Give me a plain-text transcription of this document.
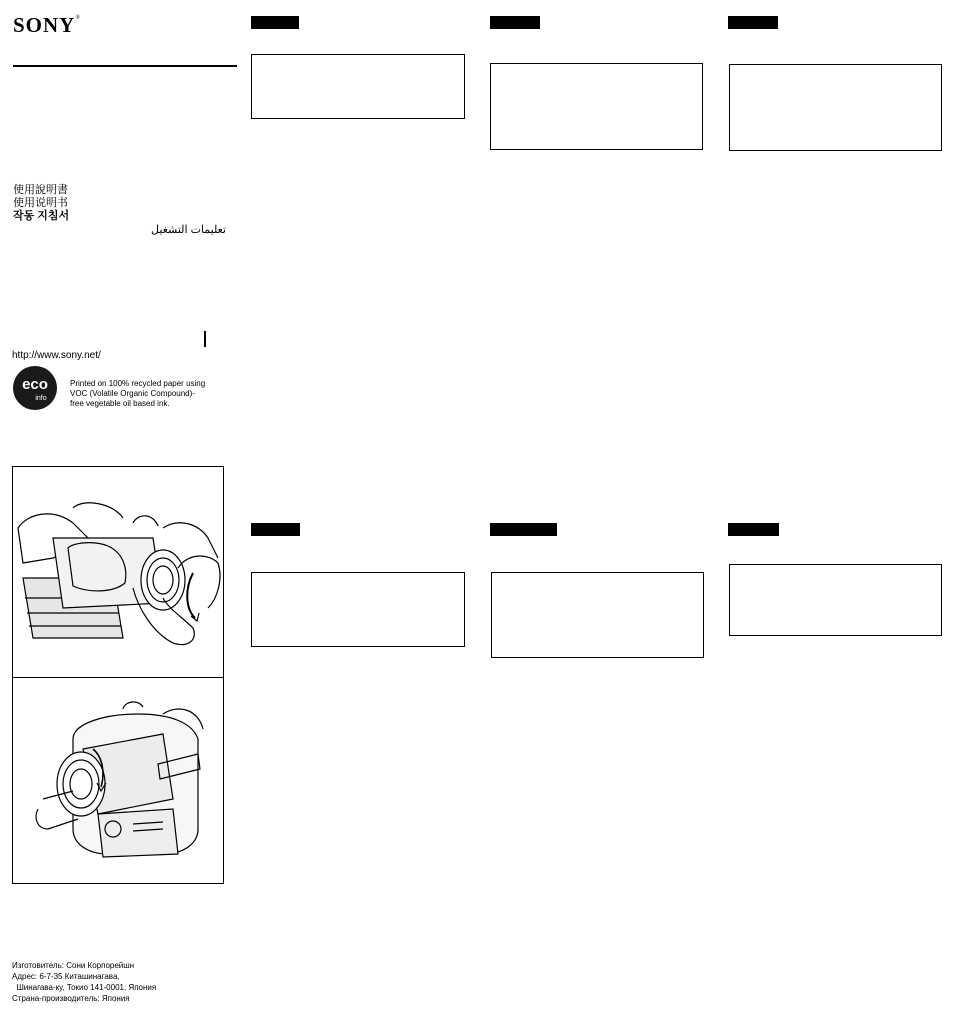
SONY®
使用說明書
使用说明书
작동 지침서
تعليمات التشغيل
http://www.sony.net/
eco
info
Printed on 100% recycled paper using
VOC (Volatile Organic Compound)-
free vegetable oil based ink.
Изготовитель: Сони Корпорейшн
Адрес: 6-7-35 Киташинагава,
Шинагава-ку, Токио 141-0001, Япония
Страна-производитель: Япония
